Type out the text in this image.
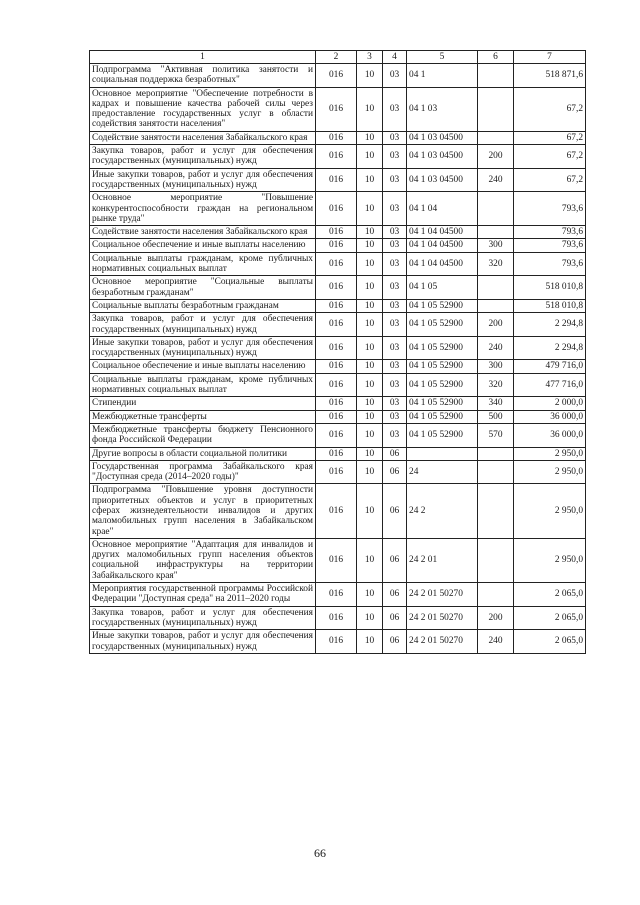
1	2	3	4	5	6	7
Подпрограмма "Активная политика занятости и социальная поддержка безработных"	016	10	03	04 1		518 871,6
Основное мероприятие "Обеспечение потребности в кадрах и повышение качества рабочей силы через предоставление государственных услуг в области содействия занятости населения"	016	10	03	04 1 03		67,2
Содействие занятости населения Забайкальского края	016	10	03	04 1 03 04500		67,2
Закупка товаров, работ и услуг для обеспечения государственных (муниципальных) нужд	016	10	03	04 1 03 04500	200	67,2
Иные закупки товаров, работ и услуг для обеспечения государственных (муниципальных) нужд	016	10	03	04 1 03 04500	240	67,2
Основное мероприятие "Повышение конкурентоспособности граждан на региональном рынке труда"	016	10	03	04 1 04		793,6
Содействие занятости населения Забайкальского края	016	10	03	04 1 04 04500		793,6
Социальное обеспечение и иные выплаты населению	016	10	03	04 1 04 04500	300	793,6
Социальные выплаты гражданам, кроме публичных нормативных социальных выплат	016	10	03	04 1 04 04500	320	793,6
Основное мероприятие "Социальные выплаты безработным гражданам"	016	10	03	04 1 05		518 010,8
Социальные выплаты безработным гражданам	016	10	03	04 1 05 52900		518 010,8
Закупка товаров, работ и услуг для обеспечения государственных (муниципальных) нужд	016	10	03	04 1 05 52900	200	2 294,8
Иные закупки товаров, работ и услуг для обеспечения государственных (муниципальных) нужд	016	10	03	04 1 05 52900	240	2 294,8
Социальное обеспечение и иные выплаты населению	016	10	03	04 1 05 52900	300	479 716,0
Социальные выплаты гражданам, кроме публичных нормативных социальных выплат	016	10	03	04 1 05 52900	320	477 716,0
Стипендии	016	10	03	04 1 05 52900	340	2 000,0
Межбюджетные трансферты	016	10	03	04 1 05 52900	500	36 000,0
Межбюджетные трансферты бюджету Пенсионного фонда Российской Федерации	016	10	03	04 1 05 52900	570	36 000,0
Другие вопросы в области социальной политики	016	10	06			2 950,0
Государственная программа Забайкальского края "Доступная среда (2014–2020 годы)"	016	10	06	24		2 950,0
Подпрограмма "Повышение уровня доступности приоритетных объектов и услуг в приоритетных сферах жизнедеятельности инвалидов и других маломобильных групп населения в Забайкальском крае"	016	10	06	24 2		2 950,0
Основное мероприятие "Адаптация для инвалидов и других маломобильных групп населения объектов социальной инфраструктуры на территории Забайкальского края"	016	10	06	24 2 01		2 950,0
Мероприятия государственной программы Российской Федерации "Доступная среда" на 2011–2020 годы	016	10	06	24 2 01 50270		2 065,0
Закупка товаров, работ и услуг для обеспечения государственных (муниципальных) нужд	016	10	06	24 2 01 50270	200	2 065,0
Иные закупки товаров, работ и услуг для обеспечения государственных (муниципальных) нужд	016	10	06	24 2 01 50270	240	2 065,0
66
